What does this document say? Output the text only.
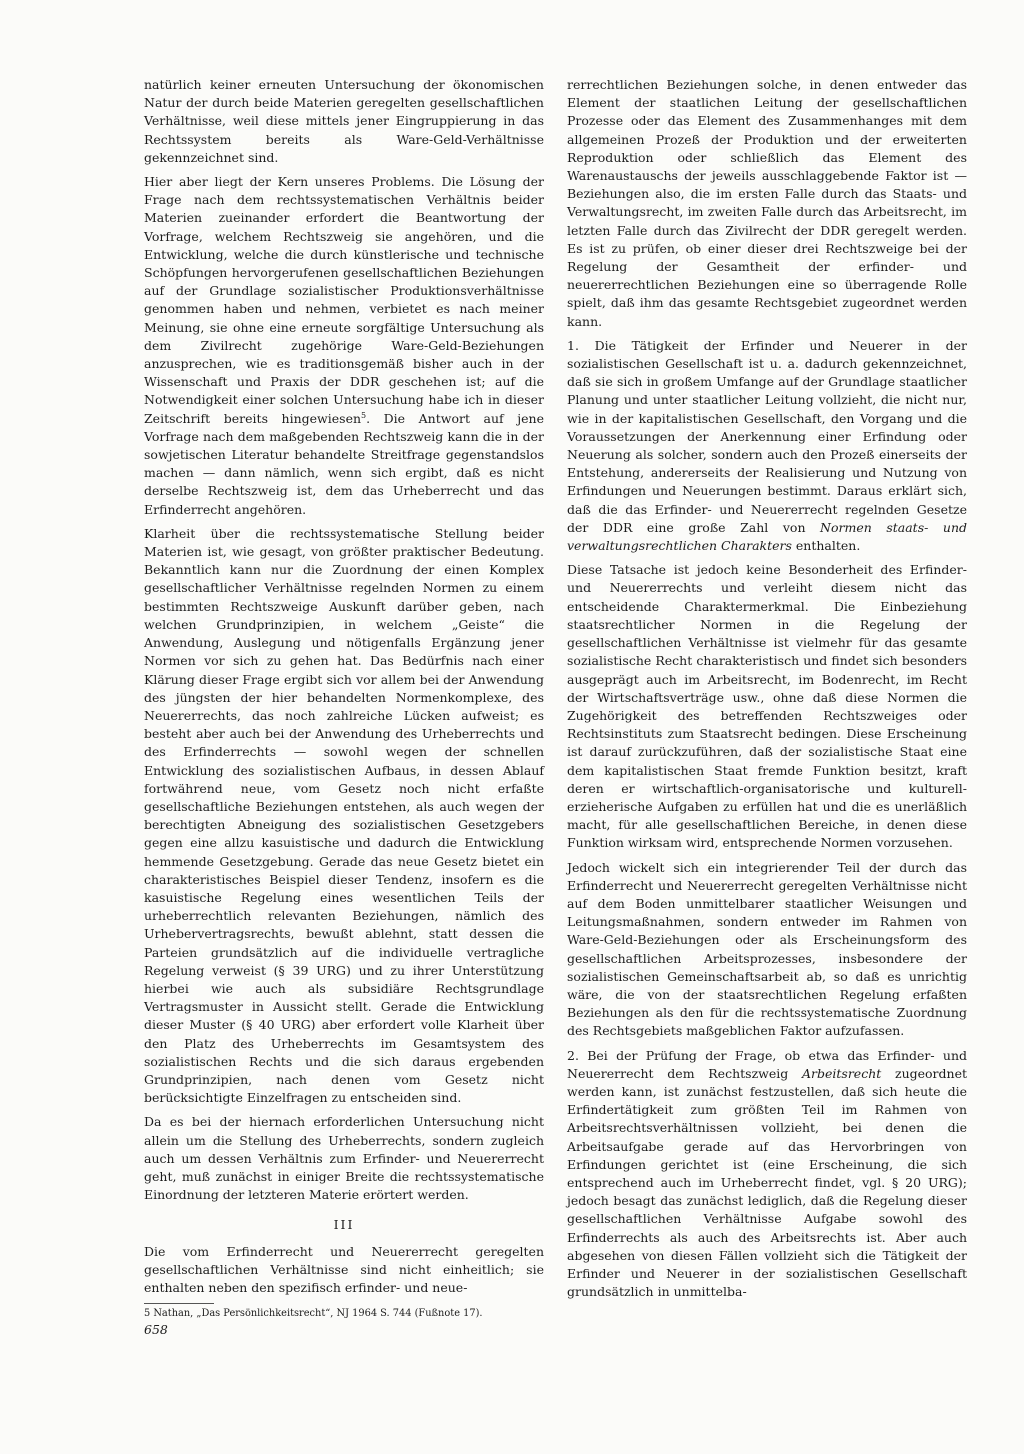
natürlich keiner erneuten Untersuchung der ökonomischen Natur der durch beide Materien geregelten gesellschaftlichen Verhältnisse, weil diese mittels jener Eingruppierung in das Rechtssystem bereits als Ware-Geld-Verhältnisse gekennzeichnet sind.

Hier aber liegt der Kern unseres Problems. Die Lösung der Frage nach dem rechtssystematischen Verhältnis beider Materien zueinander erfordert die Beantwortung der Vorfrage, welchem Rechtszweig sie angehören, und die Entwicklung, welche die durch künstlerische und technische Schöpfungen hervorgerufenen gesellschaftlichen Beziehungen auf der Grundlage sozialistischer Produktionsverhältnisse genommen haben und nehmen, verbietet es nach meiner Meinung, sie ohne eine erneute sorgfältige Untersuchung als dem Zivilrecht zugehörige Ware-Geld-Beziehungen anzusprechen, wie es traditionsgemäß bisher auch in der Wissenschaft und Praxis der DDR geschehen ist; auf die Notwendigkeit einer solchen Untersuchung habe ich in dieser Zeitschrift bereits hingewiesen$^5$. Die Antwort auf jene Vorfrage nach dem maßgebenden Rechtszweig kann die in der sowjetischen Literatur behandelte Streitfrage gegenstandslos machen — dann nämlich, wenn sich ergibt, daß es nicht derselbe Rechtszweig ist, dem das Urheberrecht und das Erfinderrecht angehören.

Klarheit über die rechtssystematische Stellung beider Materien ist, wie gesagt, von größter praktischer Bedeutung. Bekanntlich kann nur die Zuordnung der einen Komplex gesellschaftlicher Verhältnisse regelnden Normen zu einem bestimmten Rechtszweige Auskunft darüber geben, nach welchen Grundprinzipien, in welchem „Geiste“ die Anwendung, Auslegung und nötigenfalls Ergänzung jener Normen vor sich zu gehen hat. Das Bedürfnis nach einer Klärung dieser Frage ergibt sich vor allem bei der Anwendung des jüngsten der hier behandelten Normenkomplexe, des Neuererrechts, das noch zahlreiche Lücken aufweist; es besteht aber auch bei der Anwendung des Urheberrechts und des Erfinderrechts — sowohl wegen der schnellen Entwicklung des sozialistischen Aufbaus, in dessen Ablauf fortwährend neue, vom Gesetz noch nicht erfaßte gesellschaftliche Beziehungen entstehen, als auch wegen der berechtigten Abneigung des sozialistischen Gesetzgebers gegen eine allzu kasuistische und dadurch die Entwicklung hemmende Gesetzgebung. Gerade das neue Gesetz bietet ein charakteristisches Beispiel dieser Tendenz, insofern es die kasuistische Regelung eines wesentlichen Teils der urheberrechtlich relevanten Beziehungen, nämlich des Urhebervertragsrechts, bewußt ablehnt, statt dessen die Parteien grundsätzlich auf die individuelle vertragliche Regelung verweist (§ 39 URG) und zu ihrer Unterstützung hierbei wie auch als subsidiäre Rechtsgrundlage Vertragsmuster in Aussicht stellt. Gerade die Entwicklung dieser Muster (§ 40 URG) aber erfordert volle Klarheit über den Platz des Urheberrechts im Gesamtsystem des sozialistischen Rechts und die sich daraus ergebenden Grundprinzipien, nach denen vom Gesetz nicht berücksichtigte Einzelfragen zu entscheiden sind.

Da es bei der hiernach erforderlichen Untersuchung nicht allein um die Stellung des Urheberrechts, sondern zugleich auch um dessen Verhältnis zum Erfinder- und Neuererrecht geht, muß zunächst in einiger Breite die rechtssystematische Einordnung der letzteren Materie erörtert werden.

III

Die vom Erfinderrecht und Neuererrecht geregelten gesellschaftlichen Verhältnisse sind nicht einheitlich; sie enthalten neben den spezifisch erfinder- und neue-

5 Nathan, „Das Persönlichkeitsrecht“, NJ 1964 S. 744 (Fußnote 17).

rerrechtlichen Beziehungen solche, in denen entweder das Element der staatlichen Leitung der gesellschaftlichen Prozesse oder das Element des Zusammenhanges mit dem allgemeinen Prozeß der Produktion und der erweiterten Reproduktion oder schließlich das Element des Warenaustauschs der jeweils ausschlaggebende Faktor ist — Beziehungen also, die im ersten Falle durch das Staats- und Verwaltungsrecht, im zweiten Falle durch das Arbeitsrecht, im letzten Falle durch das Zivilrecht der DDR geregelt werden. Es ist zu prüfen, ob einer dieser drei Rechtszweige bei der Regelung der Gesamtheit der erfinder- und neuererrechtlichen Beziehungen eine so überragende Rolle spielt, daß ihm das gesamte Rechtsgebiet zugeordnet werden kann.

1. Die Tätigkeit der Erfinder und Neuerer in der sozialistischen Gesellschaft ist u. a. dadurch gekennzeichnet, daß sie sich in großem Umfange auf der Grundlage staatlicher Planung und unter staatlicher Leitung vollzieht, die nicht nur, wie in der kapitalistischen Gesellschaft, den Vorgang und die Voraussetzungen der Anerkennung einer Erfindung oder Neuerung als solcher, sondern auch den Prozeß einerseits der Entstehung, andererseits der Realisierung und Nutzung von Erfindungen und Neuerungen bestimmt. Daraus erklärt sich, daß die das Erfinder- und Neuererrecht regelnden Gesetze der DDR eine große Zahl von Normen staats- und verwaltungsrechtlichen Charakters enthalten.

Diese Tatsache ist jedoch keine Besonderheit des Erfinder- und Neuererrechts und verleiht diesem nicht das entscheidende Charaktermerkmal. Die Einbeziehung staatsrechtlicher Normen in die Regelung der gesellschaftlichen Verhältnisse ist vielmehr für das gesamte sozialistische Recht charakteristisch und findet sich besonders ausgeprägt auch im Arbeitsrecht, im Bodenrecht, im Recht der Wirtschaftsverträge usw., ohne daß diese Normen die Zugehörigkeit des betreffenden Rechtszweiges oder Rechtsinstituts zum Staatsrecht bedingen. Diese Erscheinung ist darauf zurückzuführen, daß der sozialistische Staat eine dem kapitalistischen Staat fremde Funktion besitzt, kraft deren er wirtschaftlich-organisatorische und kulturell-erzieherische Aufgaben zu erfüllen hat und die es unerläßlich macht, für alle gesellschaftlichen Bereiche, in denen diese Funktion wirksam wird, entsprechende Normen vorzusehen.

Jedoch wickelt sich ein integrierender Teil der durch das Erfinderrecht und Neuererrecht geregelten Verhältnisse nicht auf dem Boden unmittelbarer staatlicher Weisungen und Leitungsmaßnahmen, sondern entweder im Rahmen von Ware-Geld-Beziehungen oder als Erscheinungsform des gesellschaftlichen Arbeitsprozesses, insbesondere der sozialistischen Gemeinschaftsarbeit ab, so daß es unrichtig wäre, die von der staatsrechtlichen Regelung erfaßten Beziehungen als den für die rechtssystematische Zuordnung des Rechtsgebiets maßgeblichen Faktor aufzufassen.

2. Bei der Prüfung der Frage, ob etwa das Erfinder- und Neuererrecht dem Rechtszweig Arbeitsrecht zugeordnet werden kann, ist zunächst festzustellen, daß sich heute die Erfindertätigkeit zum größten Teil im Rahmen von Arbeitsrechtsverhältnissen vollzieht, bei denen die Arbeitsaufgabe gerade auf das Hervorbringen von Erfindungen gerichtet ist (eine Erscheinung, die sich entsprechend auch im Urheberrecht findet, vgl. § 20 URG); jedoch besagt das zunächst lediglich, daß die Regelung dieser gesellschaftlichen Verhältnisse Aufgabe sowohl des Erfinderrechts als auch des Arbeitsrechts ist. Aber auch abgesehen von diesen Fällen vollzieht sich die Tätigkeit der Erfinder und Neuerer in der sozialistischen Gesellschaft grundsätzlich in unmittelba-

658
